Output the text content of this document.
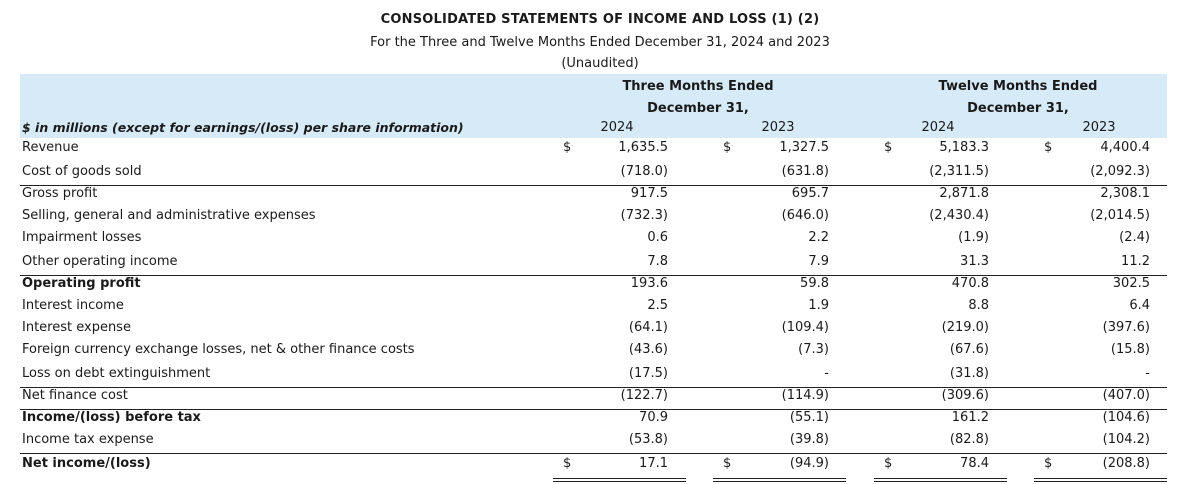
CONSOLIDATED STATEMENTS OF INCOME AND LOSS (1) (2)
For the Three and Twelve Months Ended December 31, 2024 and 2023
(Unaudited)
Three Months Ended
December 31,
Twelve Months Ended
December 31,
$ in millions (except for earnings/(loss) per share information)	2024	2023	2024	2023
Revenue	$	1,635.5	$	1,327.5	$	5,183.3	$	4,400.4
Cost of goods sold	(718.0)	(631.8)	(2,311.5)	(2,092.3)
Gross profit	917.5	695.7	2,871.8	2,308.1
Selling, general and administrative expenses	(732.3)	(646.0)	(2,430.4)	(2,014.5)
Impairment losses	0.6	2.2	(1.9)	(2.4)
Other operating income	7.8	7.9	31.3	11.2
Operating profit	193.6	59.8	470.8	302.5
Interest income	2.5	1.9	8.8	6.4
Interest expense	(64.1)	(109.4)	(219.0)	(397.6)
Foreign currency exchange losses, net & other finance costs	(43.6)	(7.3)	(67.6)	(15.8)
Loss on debt extinguishment	(17.5)	-	(31.8)	-
Net finance cost	(122.7)	(114.9)	(309.6)	(407.0)
Income/(loss) before tax	70.9	(55.1)	161.2	(104.6)
Income tax expense	(53.8)	(39.8)	(82.8)	(104.2)
Net income/(loss)	$	17.1	$	(94.9)	$	78.4	$	(208.8)
